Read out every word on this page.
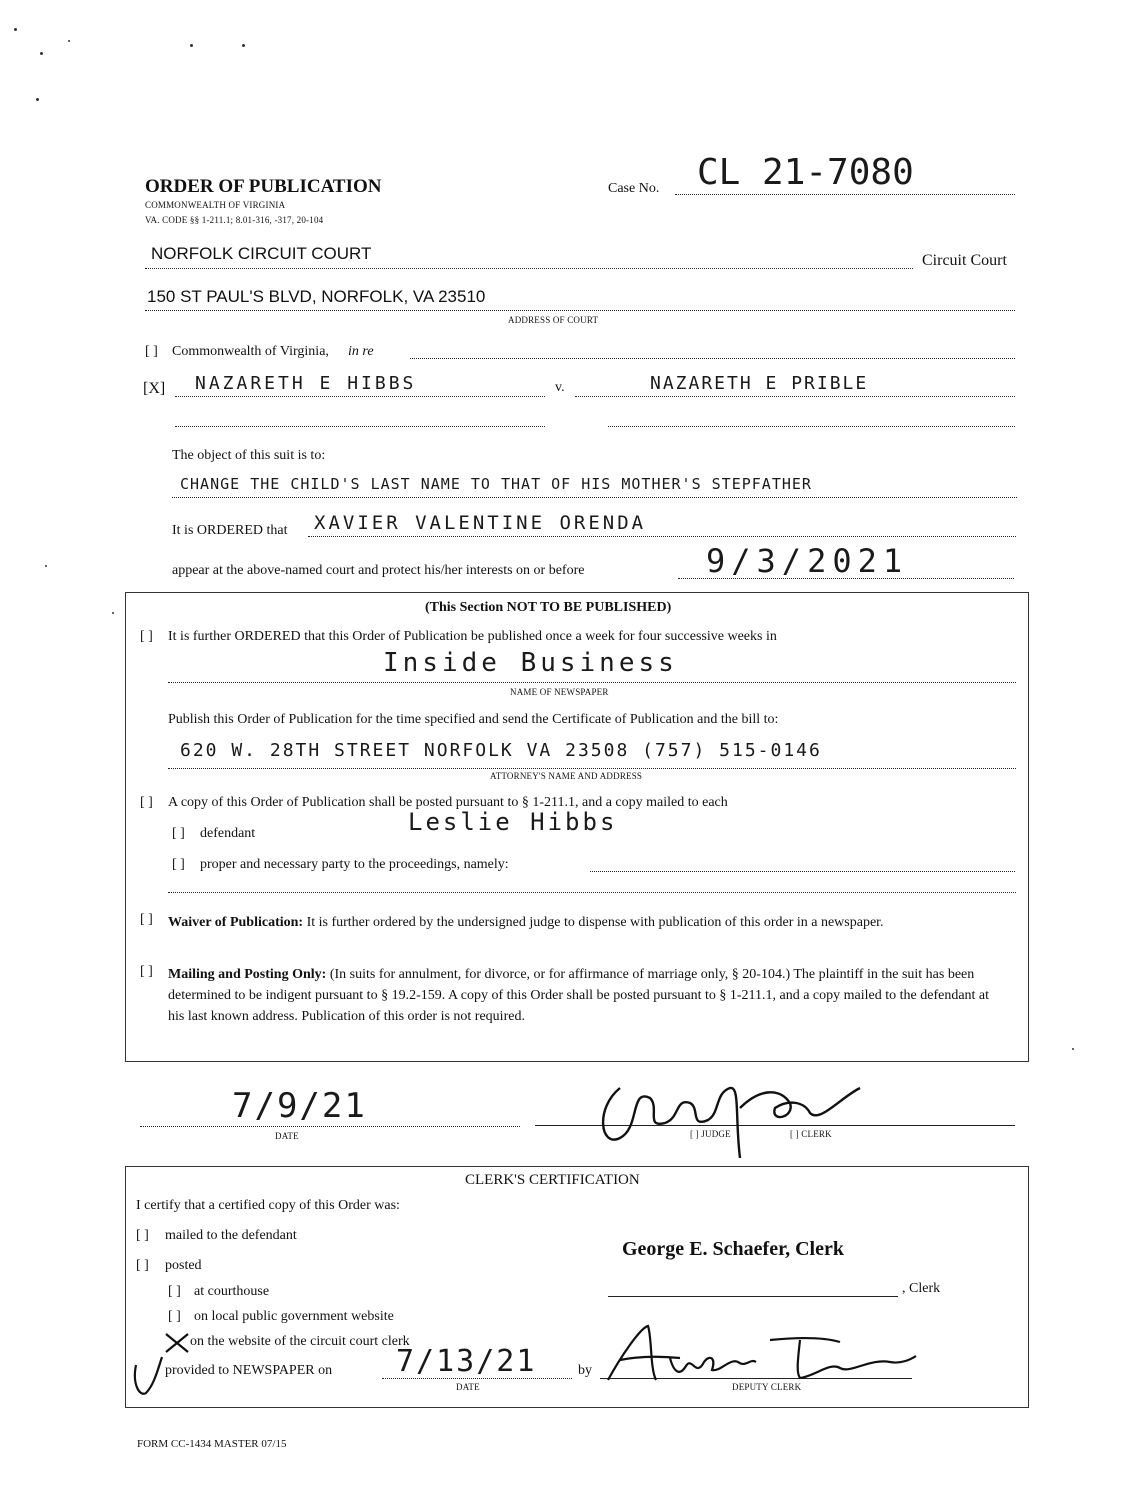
ORDER OF PUBLICATION
COMMONWEALTH OF VIRGINIA
VA. CODE §§ 1-211.1; 8.01-316, -317, 20-104
Case No. CL 21-7080
NORFOLK CIRCUIT COURT	Circuit Court
150 ST PAUL'S BLVD, NORFOLK, VA 23510
ADDRESS OF COURT
[ ] Commonwealth of Virginia, in re
[X] NAZARETH E HIBBS	v.	NAZARETH E PRIBLE
The object of this suit is to:
CHANGE THE CHILD'S LAST NAME TO THAT OF HIS MOTHER'S STEPFATHER
It is ORDERED that XAVIER VALENTINE ORENDA
appear at the above-named court and protect his/her interests on or before	9/3/2021
(This Section NOT TO BE PUBLISHED)
[ ] It is further ORDERED that this Order of Publication be published once a week for four successive weeks in
Inside Business
NAME OF NEWSPAPER
Publish this Order of Publication for the time specified and send the Certificate of Publication and the bill to:
620 W. 28TH STREET NORFOLK VA 23508 (757) 515-0146
ATTORNEY'S NAME AND ADDRESS
[ ] A copy of this Order of Publication shall be posted pursuant to § 1-211.1, and a copy mailed to each
[ ] defendant	Leslie Hibbs
[ ] proper and necessary party to the proceedings, namely:
[ ] Waiver of Publication: It is further ordered by the undersigned judge to dispense with publication of this order in a newspaper.
[ ] Mailing and Posting Only: (In suits for annulment, for divorce, or for affirmance of marriage only, § 20-104.) The plaintiff in the suit has been determined to be indigent pursuant to § 19.2-159. A copy of this Order shall be posted pursuant to § 1-211.1, and a copy mailed to the defendant at his last known address. Publication of this order is not required.
7/9/21
DATE	[ ] JUDGE	[ ] CLERK
CLERK'S CERTIFICATION
I certify that a certified copy of this Order was:
[ ] mailed to the defendant
[ ] posted
[ ] at courthouse
[ ] on local public government website
on the website of the circuit court clerk
provided to NEWSPAPER on 7/13/21
DATE
by
George E. Schaefer, Clerk
, Clerk
DEPUTY CLERK
FORM CC-1434 MASTER 07/15
